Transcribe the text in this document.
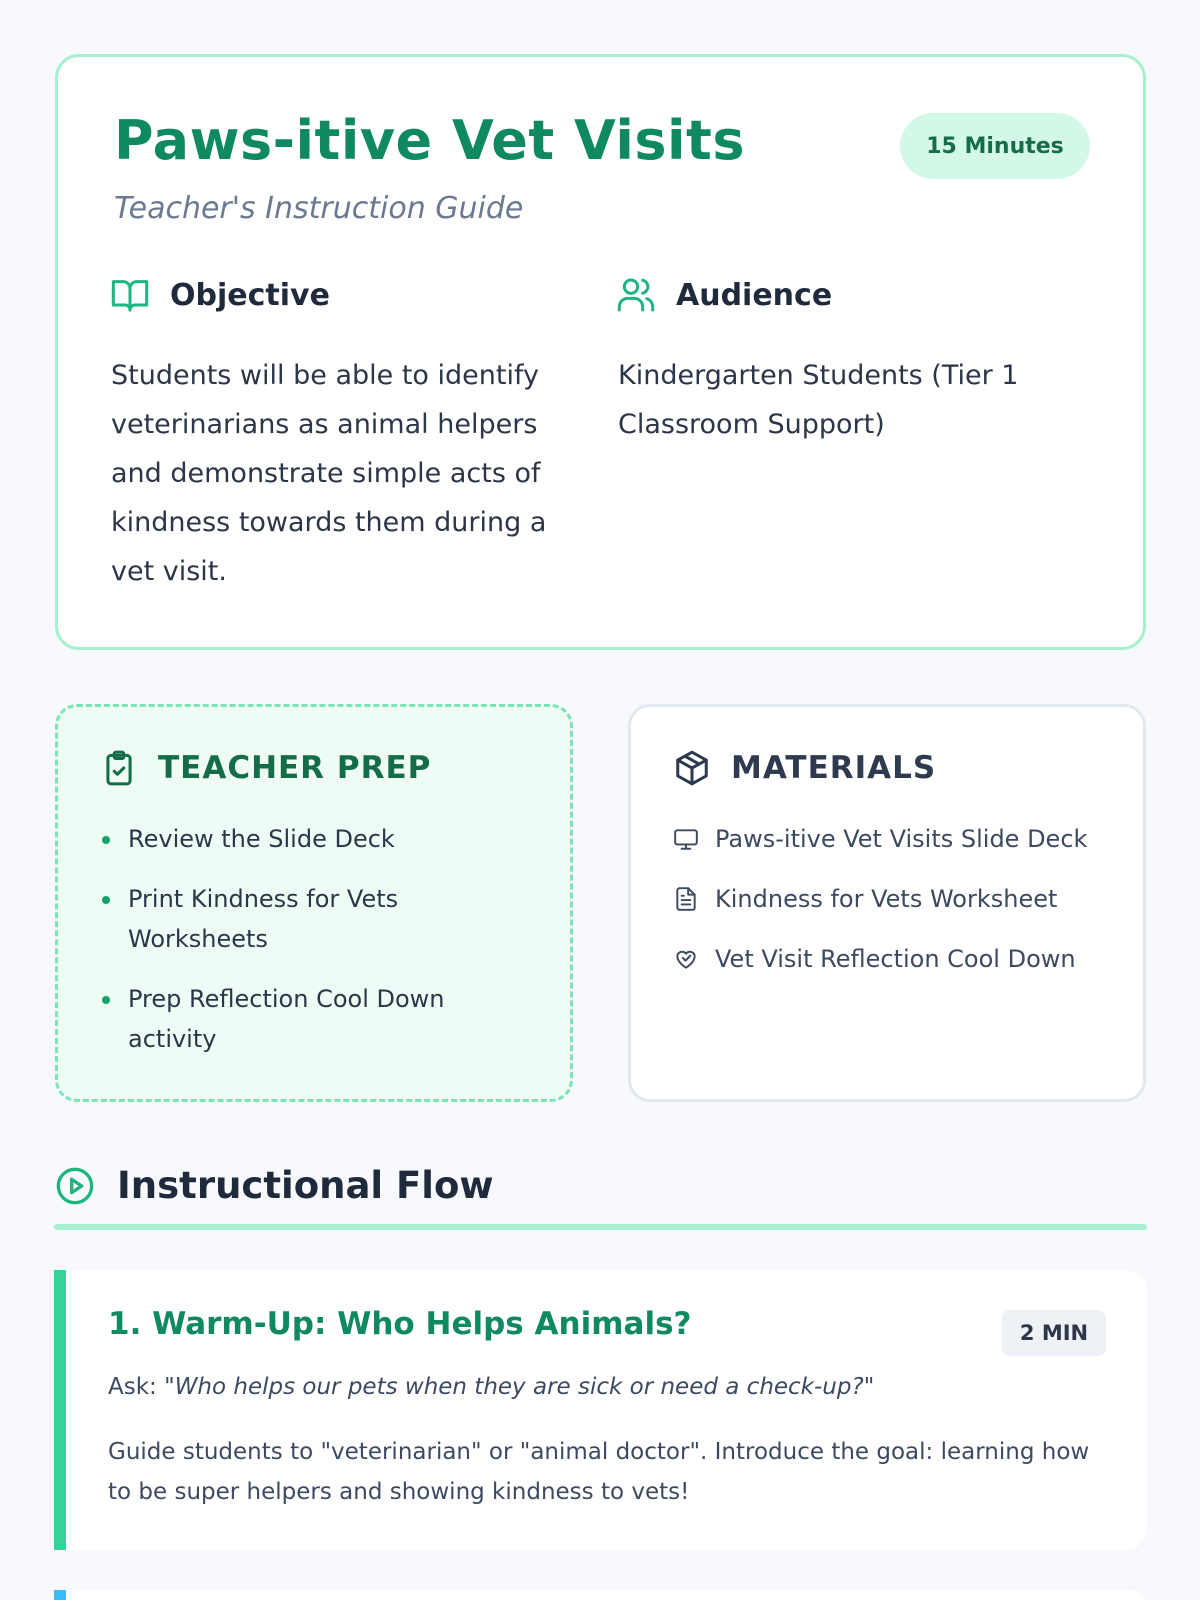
Paws-itive Vet Visits	15 Minutes
Teacher's Instruction Guide
Objective

Students will be able to identify veterinarians as animal helpers and demonstrate simple acts of kindness towards them during a vet visit.

Audience

Kindergarten Students (Tier 1 Classroom Support)

TEACHER PREP
Review the Slide Deck
Print Kindness for Vets Worksheets
Prep Reflection Cool Down activity
MATERIALS
Paws-itive Vet Visits Slide Deck
Kindness for Vets Worksheet
Vet Visit Reflection Cool Down
Instructional Flow
1. Warm-Up: Who Helps Animals?	2 MIN

Ask: "Who helps our pets when they are sick or need a check-up?"

Guide students to "veterinarian" or "animal doctor". Introduce the goal: learning how to be super helpers and showing kindness to vets!
